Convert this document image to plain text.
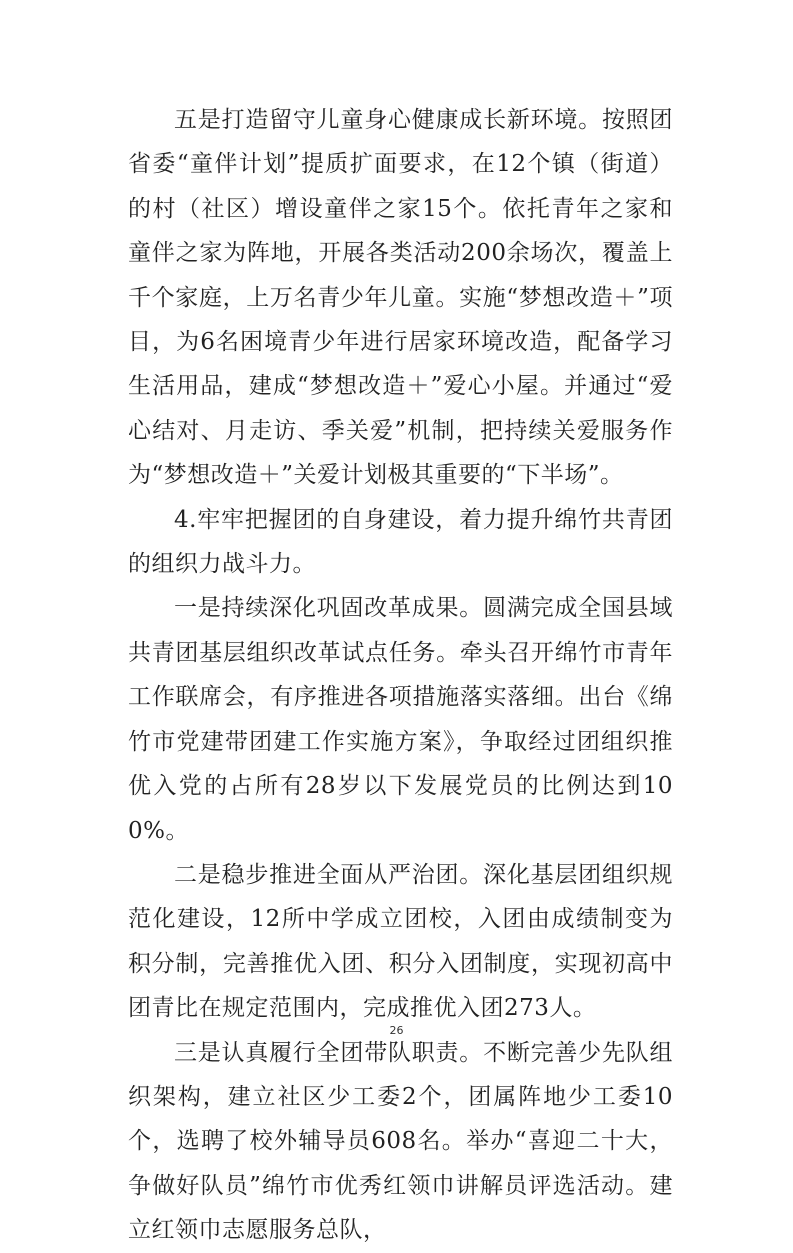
五是打造留守儿童身心健康成长新环境。按照团省委“童伴计划”提质扩面要求，在12个镇（街道）的村（社区）增设童伴之家15个。依托青年之家和童伴之家为阵地，开展各类活动200余场次，覆盖上千个家庭，上万名青少年儿童。实施“梦想改造＋”项目，为6名困境青少年进行居家环境改造，配备学习生活用品，建成“梦想改造＋”爱心小屋。并通过“爱心结对、月走访、季关爱”机制，把持续关爱服务作为“梦想改造＋”关爱计划极其重要的“下半场”。

4.牢牢把握团的自身建设，着力提升绵竹共青团的组织力战斗力。

一是持续深化巩固改革成果。圆满完成全国县域共青团基层组织改革试点任务。牵头召开绵竹市青年工作联席会，有序推进各项措施落实落细。出台《绵竹市党建带团建工作实施方案》，争取经过团组织推优入党的占所有28岁以下发展党员的比例达到100%。

二是稳步推进全面从严治团。深化基层团组织规范化建设，12所中学成立团校，入团由成绩制变为积分制，完善推优入团、积分入团制度，实现初高中团青比在规定范围内，完成推优入团273人。

三是认真履行全团带队职责。不断完善少先队组织架构，建立社区少工委2个，团属阵地少工委10个，选聘了校外辅导员608名。举办“喜迎二十大，争做好队员”绵竹市优秀红领巾讲解员评选活动。建立红领巾志愿服务总队，

26
